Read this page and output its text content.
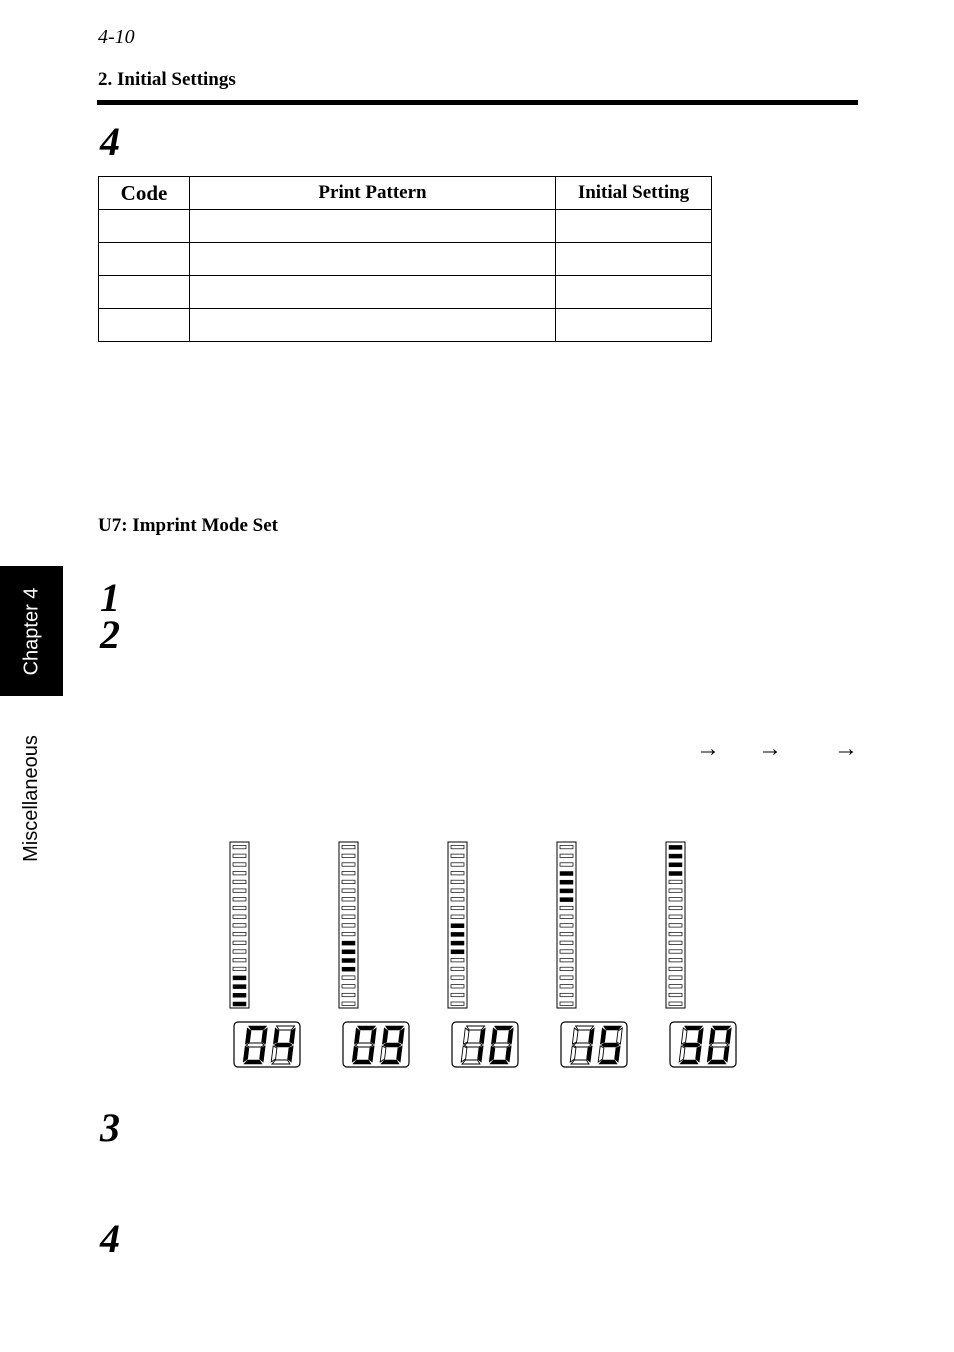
4-10
2. Initial Settings
4
Code	Print Pattern	Initial Setting

U7: Imprint Mode Set
1
2
3
4
→ → →
Chapter 4
Miscellaneous
